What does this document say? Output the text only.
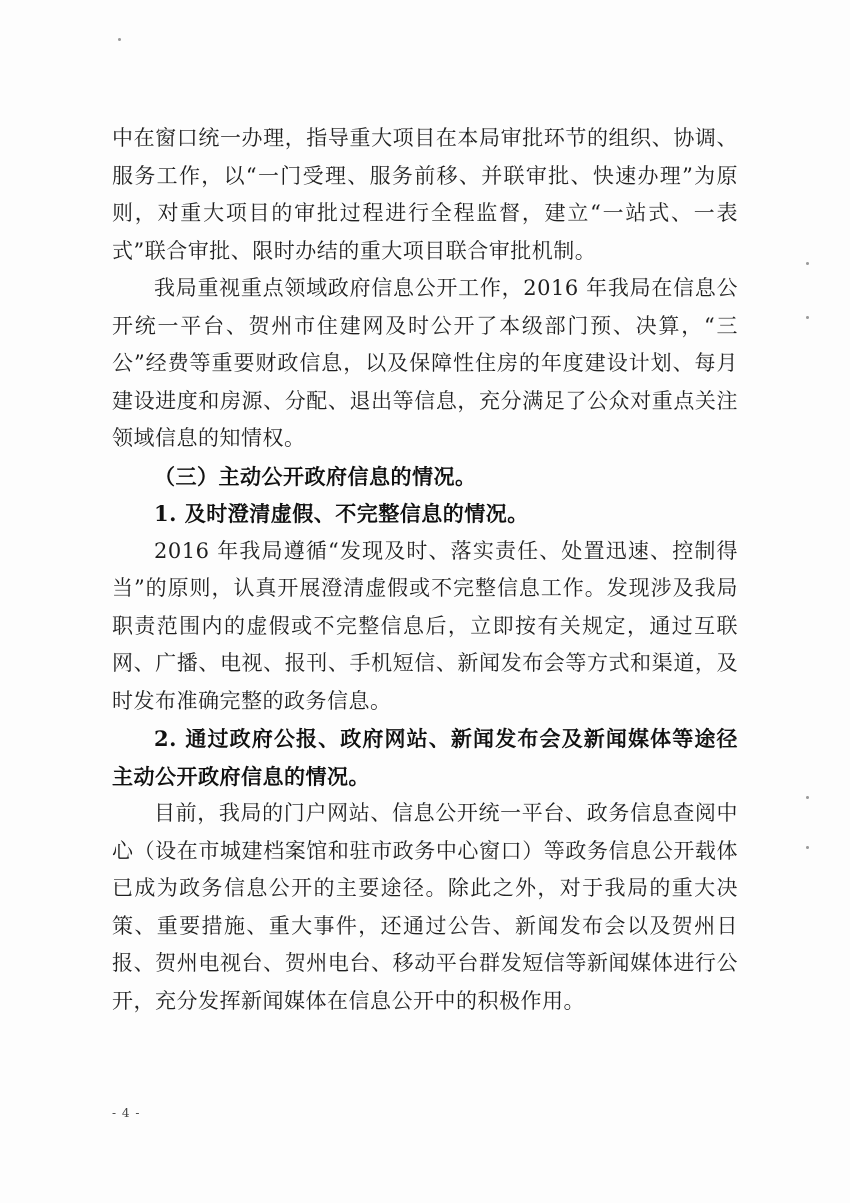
中在窗口统一办理，指导重大项目在本局审批环节的组织、协调、服务工作，以“一门受理、服务前移、并联审批、快速办理”为原则，对重大项目的审批过程进行全程监督，建立“一站式、一表式”联合审批、限时办结的重大项目联合审批机制。

我局重视重点领域政府信息公开工作，2016 年我局在信息公开统一平台、贺州市住建网及时公开了本级部门预、决算，“三公”经费等重要财政信息，以及保障性住房的年度建设计划、每月建设进度和房源、分配、退出等信息，充分满足了公众对重点关注领域信息的知情权。

（三）主动公开政府信息的情况。

1. 及时澄清虚假、不完整信息的情况。

2016 年我局遵循“发现及时、落实责任、处置迅速、控制得当”的原则，认真开展澄清虚假或不完整信息工作。发现涉及我局职责范围内的虚假或不完整信息后，立即按有关规定，通过互联网、广播、电视、报刊、手机短信、新闻发布会等方式和渠道，及时发布准确完整的政务信息。

2. 通过政府公报、政府网站、新闻发布会及新闻媒体等途径主动公开政府信息的情况。

目前，我局的门户网站、信息公开统一平台、政务信息查阅中心（设在市城建档案馆和驻市政务中心窗口）等政务信息公开载体已成为政务信息公开的主要途径。除此之外，对于我局的重大决策、重要措施、重大事件，还通过公告、新闻发布会以及贺州日报、贺州电视台、贺州电台、移动平台群发短信等新闻媒体进行公开，充分发挥新闻媒体在信息公开中的积极作用。

- 4 -
